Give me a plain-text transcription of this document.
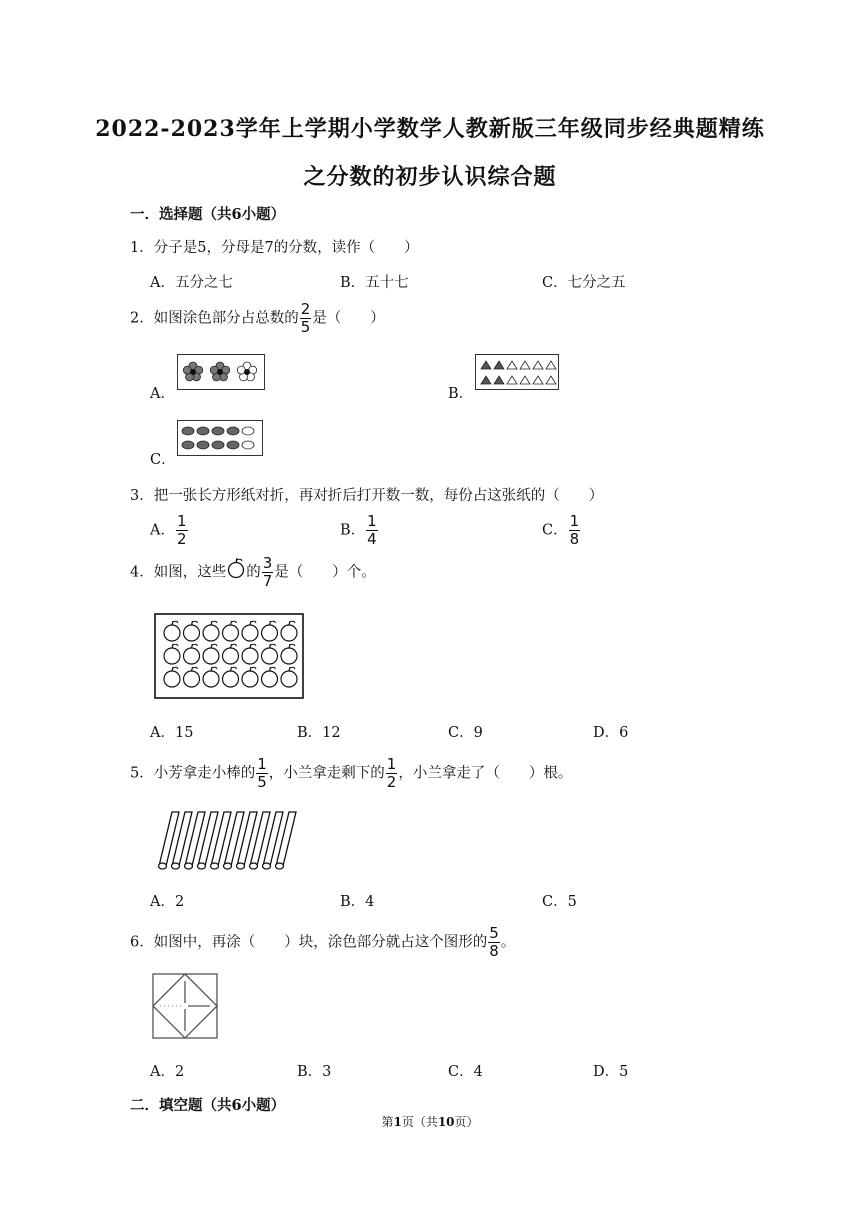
2022-2023学年上学期小学数学人教新版三年级同步经典题精练
之分数的初步认识综合题
一．选择题（共6小题）
1．分子是5，分母是7的分数，读作（　　）
A．五分之七	B．五十七	C．七分之五
2．如图涂色部分占总数的 $\frac{2}{5}$ 是（　　）
A．	B．
C．
3．把一张长方形纸对折，再对折后打开数一数，每份占这张纸的（　　）
A． $\frac{1}{2}$	B． $\frac{1}{4}$	C． $\frac{1}{8}$
4．如图，这些 的 $\frac{3}{7}$ 是（　　）个。
A．15	B．12	C．9	D．6
5．小芳拿走小棒的 $\frac{1}{5}$ ，小兰拿走剩下的 $\frac{1}{2}$ ，小兰拿走了（　　）根。
A．2	B．4	C．5
6．如图中，再涂（　　）块，涂色部分就占这个图形的 $\frac{5}{8}$ 。
A．2	B．3	C．4	D．5
二．填空题（共6小题）
第1页（共10页）
